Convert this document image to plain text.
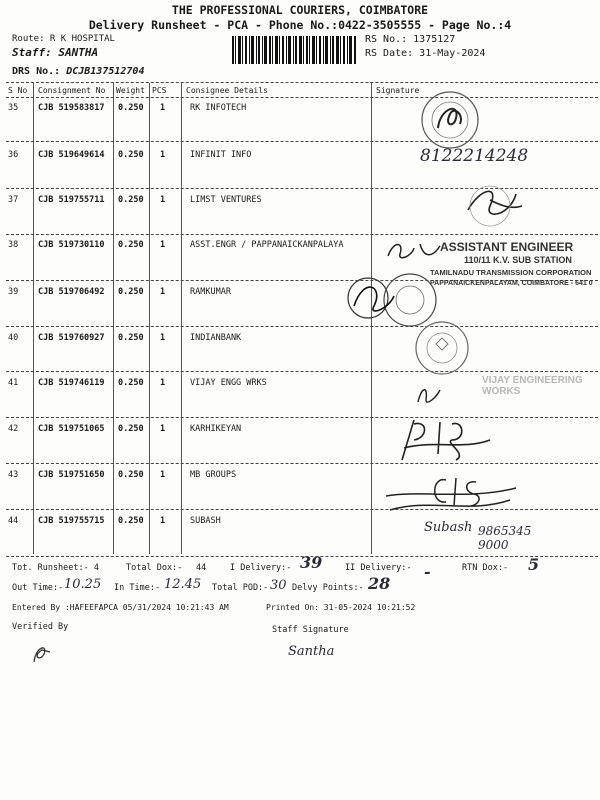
THE PROFESSIONAL COURIERS, COIMBATORE
Delivery Runsheet - PCA - Phone No.:0422-3505555 - Page No.:4
Route: R K HOSPITAL
Staff: SANTHA
RS No.: 1375127
RS Date: 31-May-2024
DRS No.: DCJB137512704
S No Consignment No Weight PCS Consignee Details	Signature
35 CJB 519583817 0.250 1	RK INFOTECH
36 CJB 519649614 0.250 1	INFINIT INFO
37 CJB 519755711 0.250 1	LIMST VENTURES
38 CJB 519730110 0.250 1	ASST.ENGR / PAPPANAICKANPALAYA
39 CJB 519706492 0.250 1	RAMKUMAR
40 CJB 519760927 0.250 1	INDIANBANK
41 CJB 519746119 0.250 1	VIJAY ENGG WRKS
42 CJB 519751065 0.250 1	KARHIKEYAN
43 CJB 519751650 0.250 1	MB GROUPS
44 CJB 519755715 0.250 1	SUBASH
8122214248
ASSISTANT ENGINEER
110/11 K.V. SUB STATION
TAMILNADU TRANSMISSION CORPORATION
PAPPANAICKENPALAYAM, COIMBATORE - 641 0
VIJAY ENGINEERING WORKS
Subash 9865345 9000
Tot. Runsheet:- 4	Total Dox:- 44	I Delivery:- 39	II Delivery:- -	RTN Dox:- 5
Out Time:- 10.25 In Time:- 12.45 Total POD:- 30 Delvy Points:- 28
Entered By :HAFEEFAPCA 05/31/2024 10:21:43 AM	Printed On: 31-05-2024 10:21:52
Verified By	Staff Signature
Santha
